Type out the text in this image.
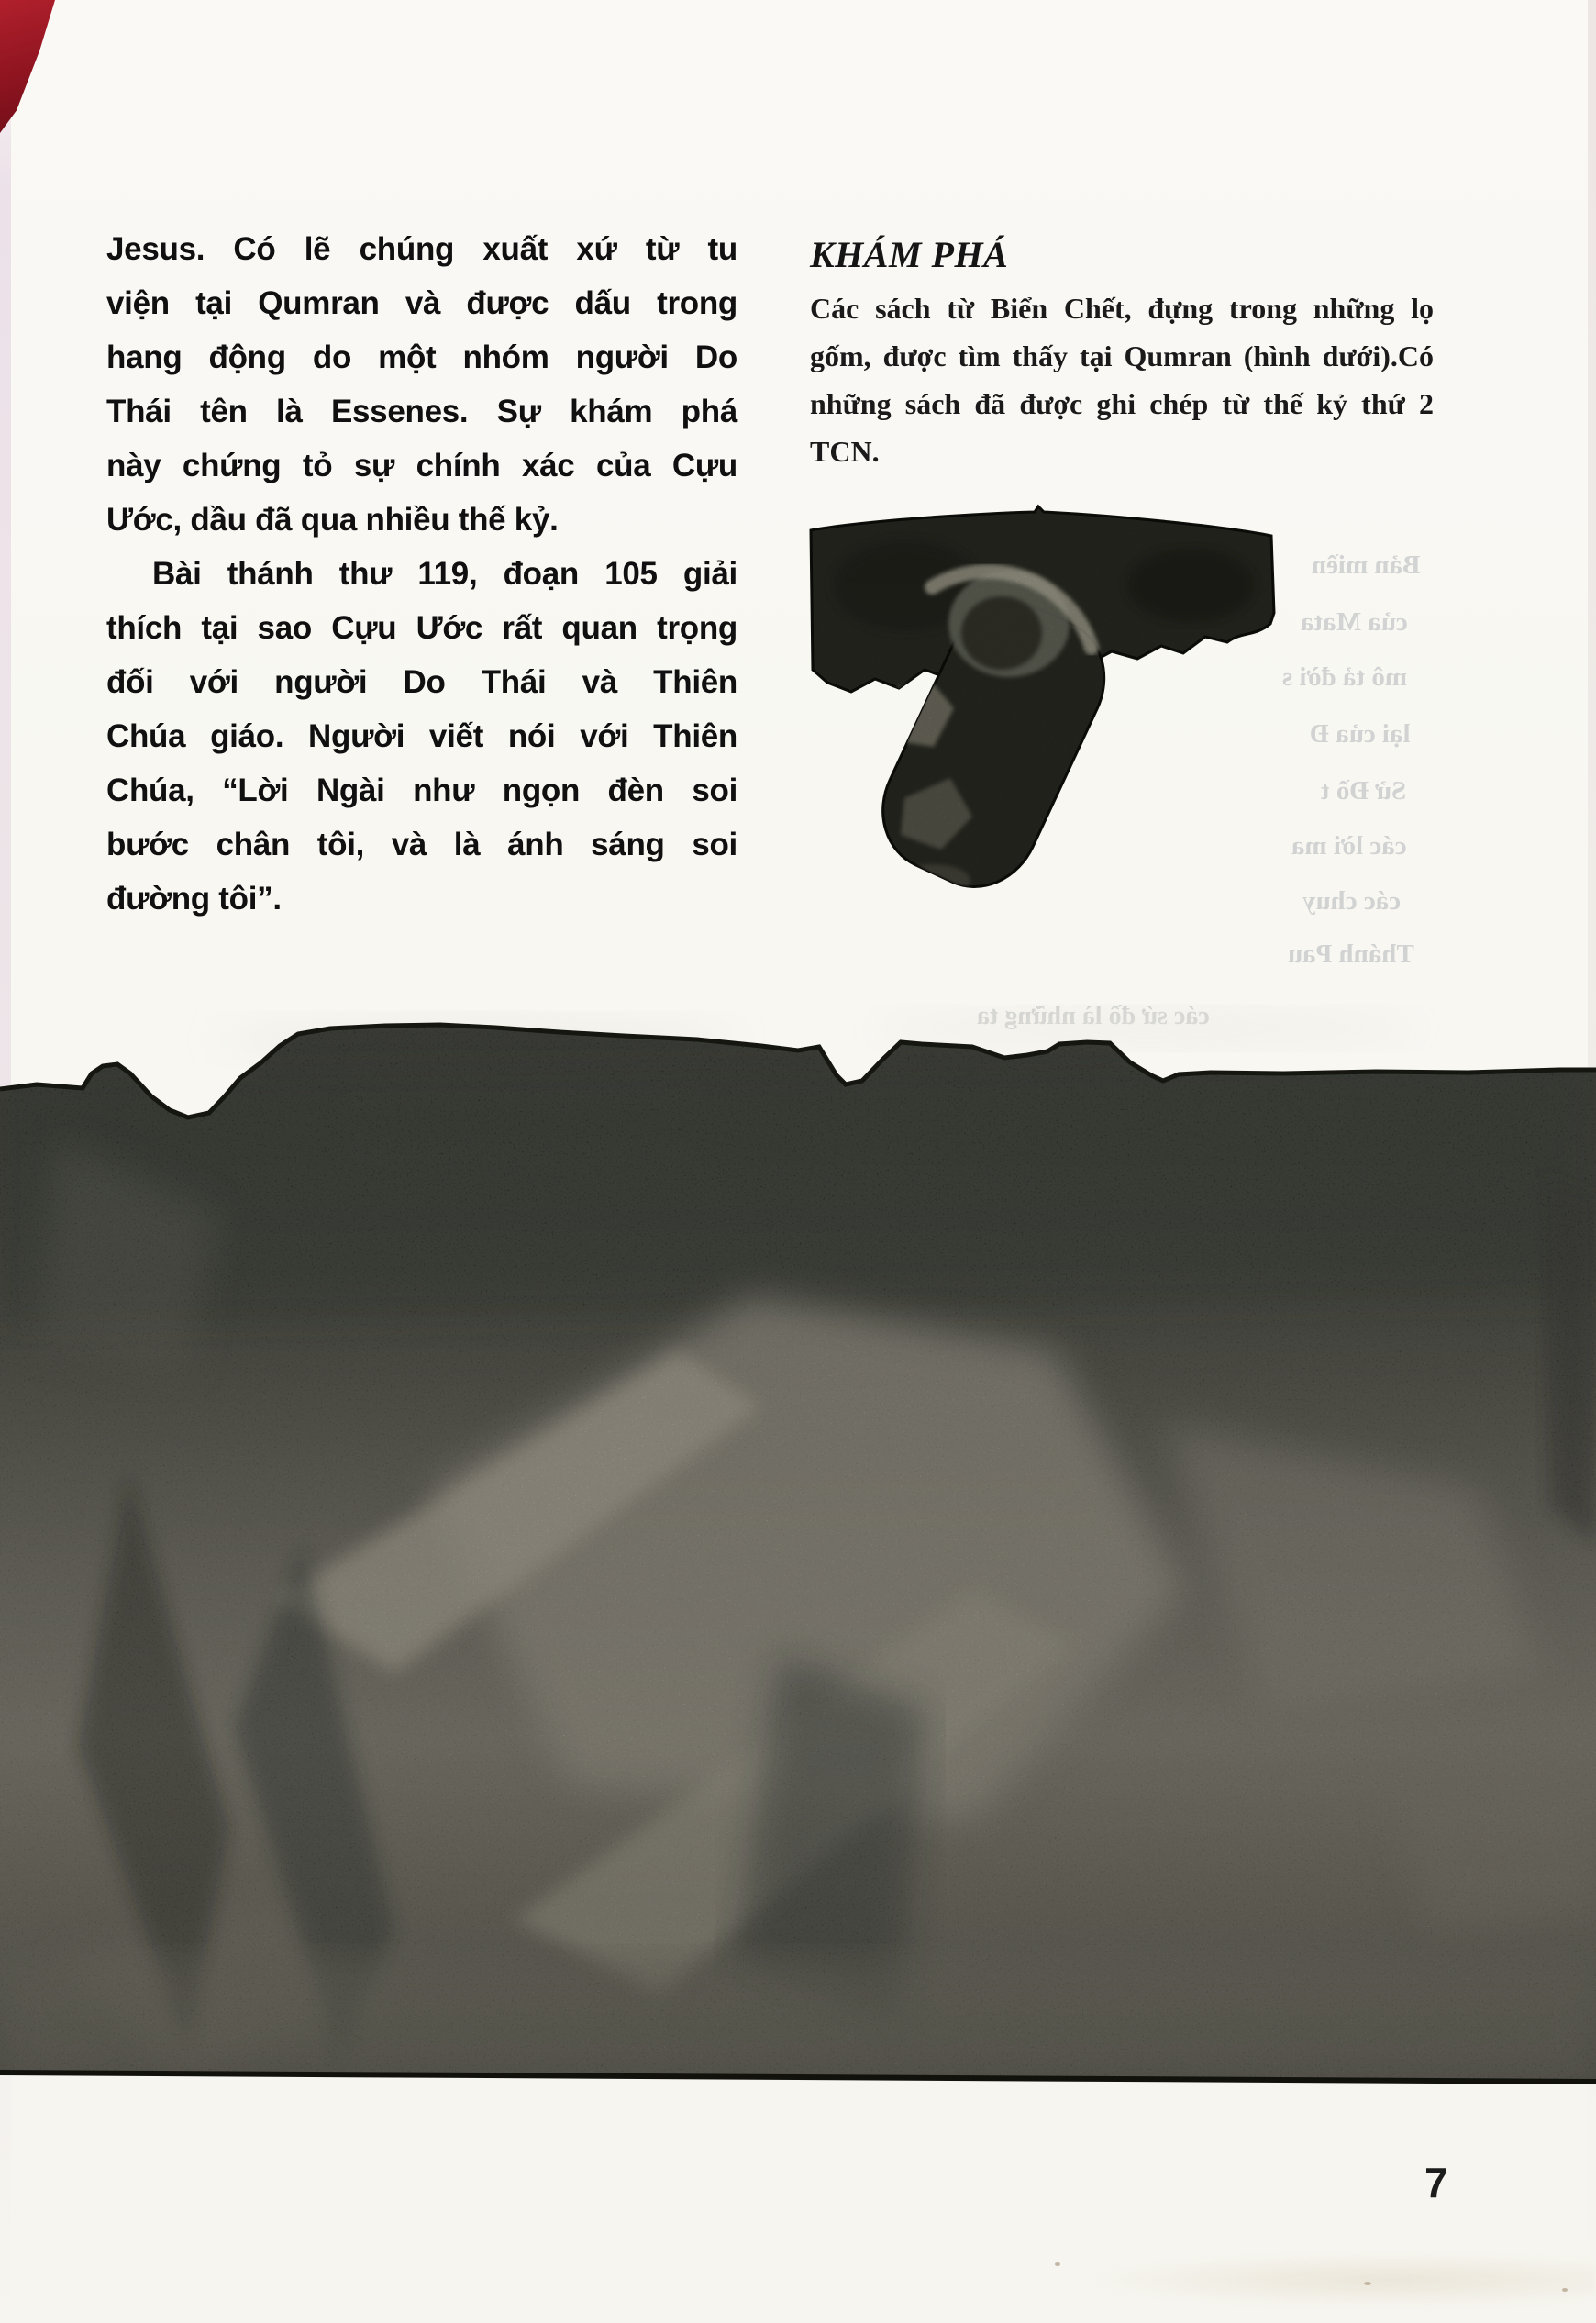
Jesus. Có lẽ chúng xuất xứ từ tu
viện tại Qumran và được dấu trong
hang động do một nhóm người Do
Thái tên là Essenes. Sự khám phá
này chứng tỏ sự chính xác của Cựu
Ước, dầu đã qua nhiều thế kỷ.
Bài thánh thư 119, đoạn 105 giải
thích tại sao Cựu Ước rất quan trọng
đối với người Do Thái và Thiên
Chúa giáo. Người viết nói với Thiên
Chúa, “Lời Ngài như ngọn đèn soi
bước chân tôi, và là ánh sáng soi
đường tôi”.
KHÁM PHÁ
Các sách từ Biển Chết, đựng trong những lọ
gốm, được tìm thấy tại Qumran (hình dưới).Có
những sách đã được ghi chép từ thế kỷ thứ 2
TCN.
Bản miền
của Mata
mô tả đời s
lại của Đ
Sử Đồ t
các lời ma
các chuy
Thánh Pau
các sứ đồ là những ta
7
